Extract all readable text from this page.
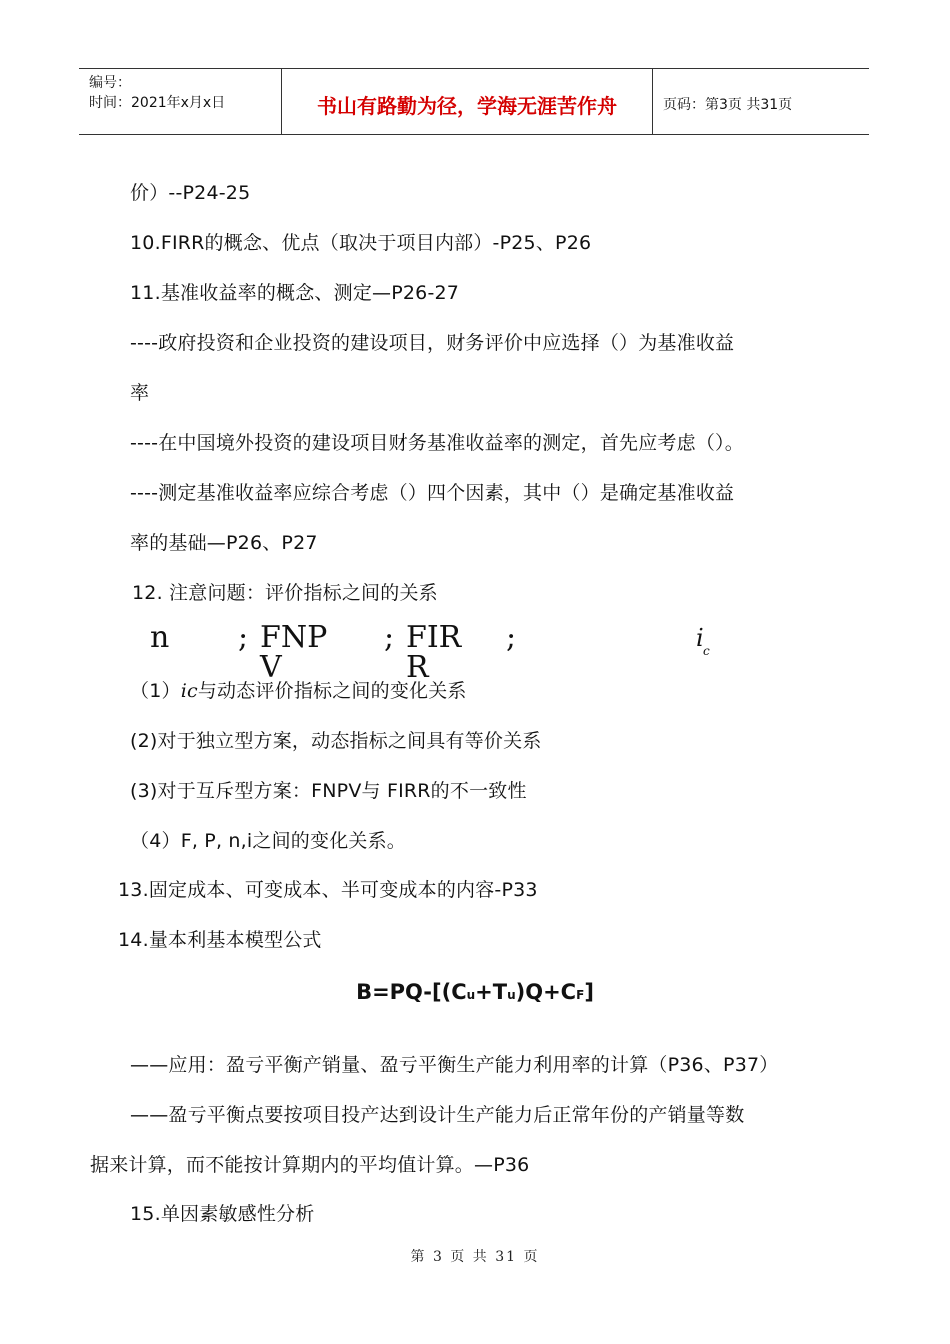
编号：
时间：2021年x月x日	书山有路勤为径，学海无涯苦作舟	页码：第3页 共31页
价）--P24-25
10.FIRR的概念、优点（取决于项目内部）-P25、P26
11.基准收益率的概念、测定—P26-27
----政府投资和企业投资的建设项目，财务评价中应选择（）为基准收益
率
----在中国境外投资的建设项目财务基准收益率的测定，首先应考虑（）。
----测定基准收益率应综合考虑（）四个因素，其中（）是确定基准收益
率的基础—P26、P27
12. 注意问题：评价指标之间的关系
n ; FNP
V
; FIR
R
;	i c
（1）ic与动态评价指标之间的变化关系
(2)对于独立型方案，动态指标之间具有等价关系
(3)对于互斥型方案：FNPV与 FIRR的不一致性
（4）F, P, n,i之间的变化关系。
13.固定成本、可变成本、半可变成本的内容-P33
14.量本利基本模型公式
B=PQ-[(Cu+Tu)Q+CF]
——应用：盈亏平衡产销量、盈亏平衡生产能力利用率的计算（P36、P37）
——盈亏平衡点要按项目投产达到设计生产能力后正常年份的产销量等数
据来计算，而不能按计算期内的平均值计算。—P36
15.单因素敏感性分析
第 3 页 共 31 页
